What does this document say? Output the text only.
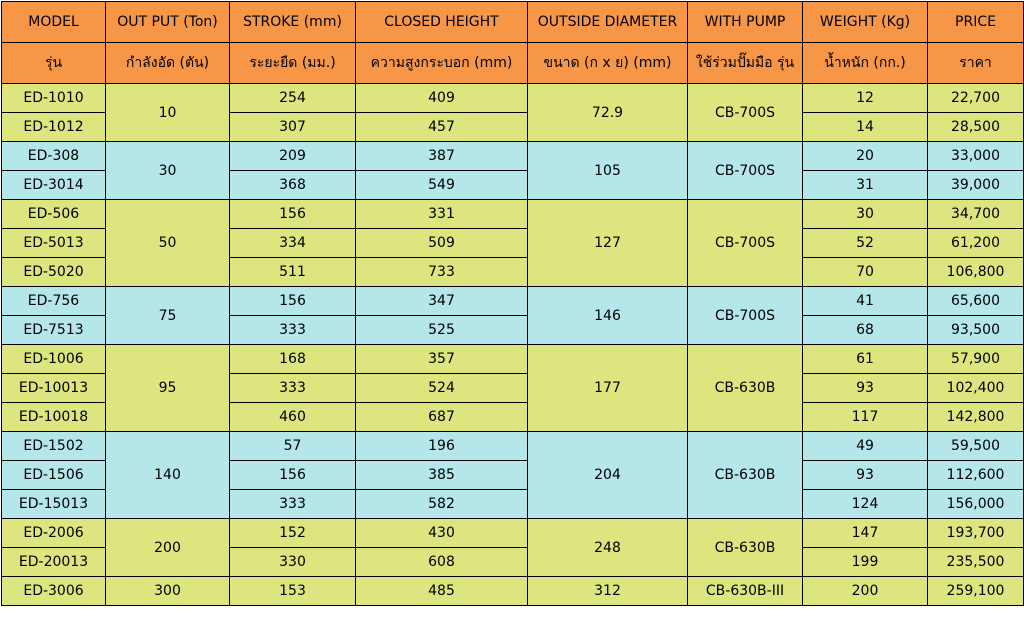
MODEL	OUT PUT (Ton)	STROKE (mm)	CLOSED HEIGHT	OUTSIDE DIAMETER	WITH PUMP	WEIGHT (Kg)	PRICE
รุ่น	กำลังอัด (ตัน)	ระยะยืด (มม.)	ความสูงกระบอก (mm)	ขนาด (ก x ย) (mm)	ใช้ร่วมปั๊มมือ รุ่น	น้ำหนัก (กก.)	ราคา
ED-1010	10	254	409	72.9	CB-700S	12	22,700
ED-1012		307	457			14	28,500
ED-308	30	209	387	105	CB-700S	20	33,000
ED-3014		368	549			31	39,000
ED-506	50	156	331	127	CB-700S	30	34,700
ED-5013		334	509			52	61,200
ED-5020		511	733			70	106,800
ED-756	75	156	347	146	CB-700S	41	65,600
ED-7513		333	525			68	93,500
ED-1006	95	168	357	177	CB-630B	61	57,900
ED-10013		333	524			93	102,400
ED-10018		460	687			117	142,800
ED-1502	140	57	196	204	CB-630B	49	59,500
ED-1506		156	385			93	112,600
ED-15013		333	582			124	156,000
ED-2006	200	152	430	248	CB-630B	147	193,700
ED-20013		330	608			199	235,500
ED-3006	300	153	485	312	CB-630B-III	200	259,100
